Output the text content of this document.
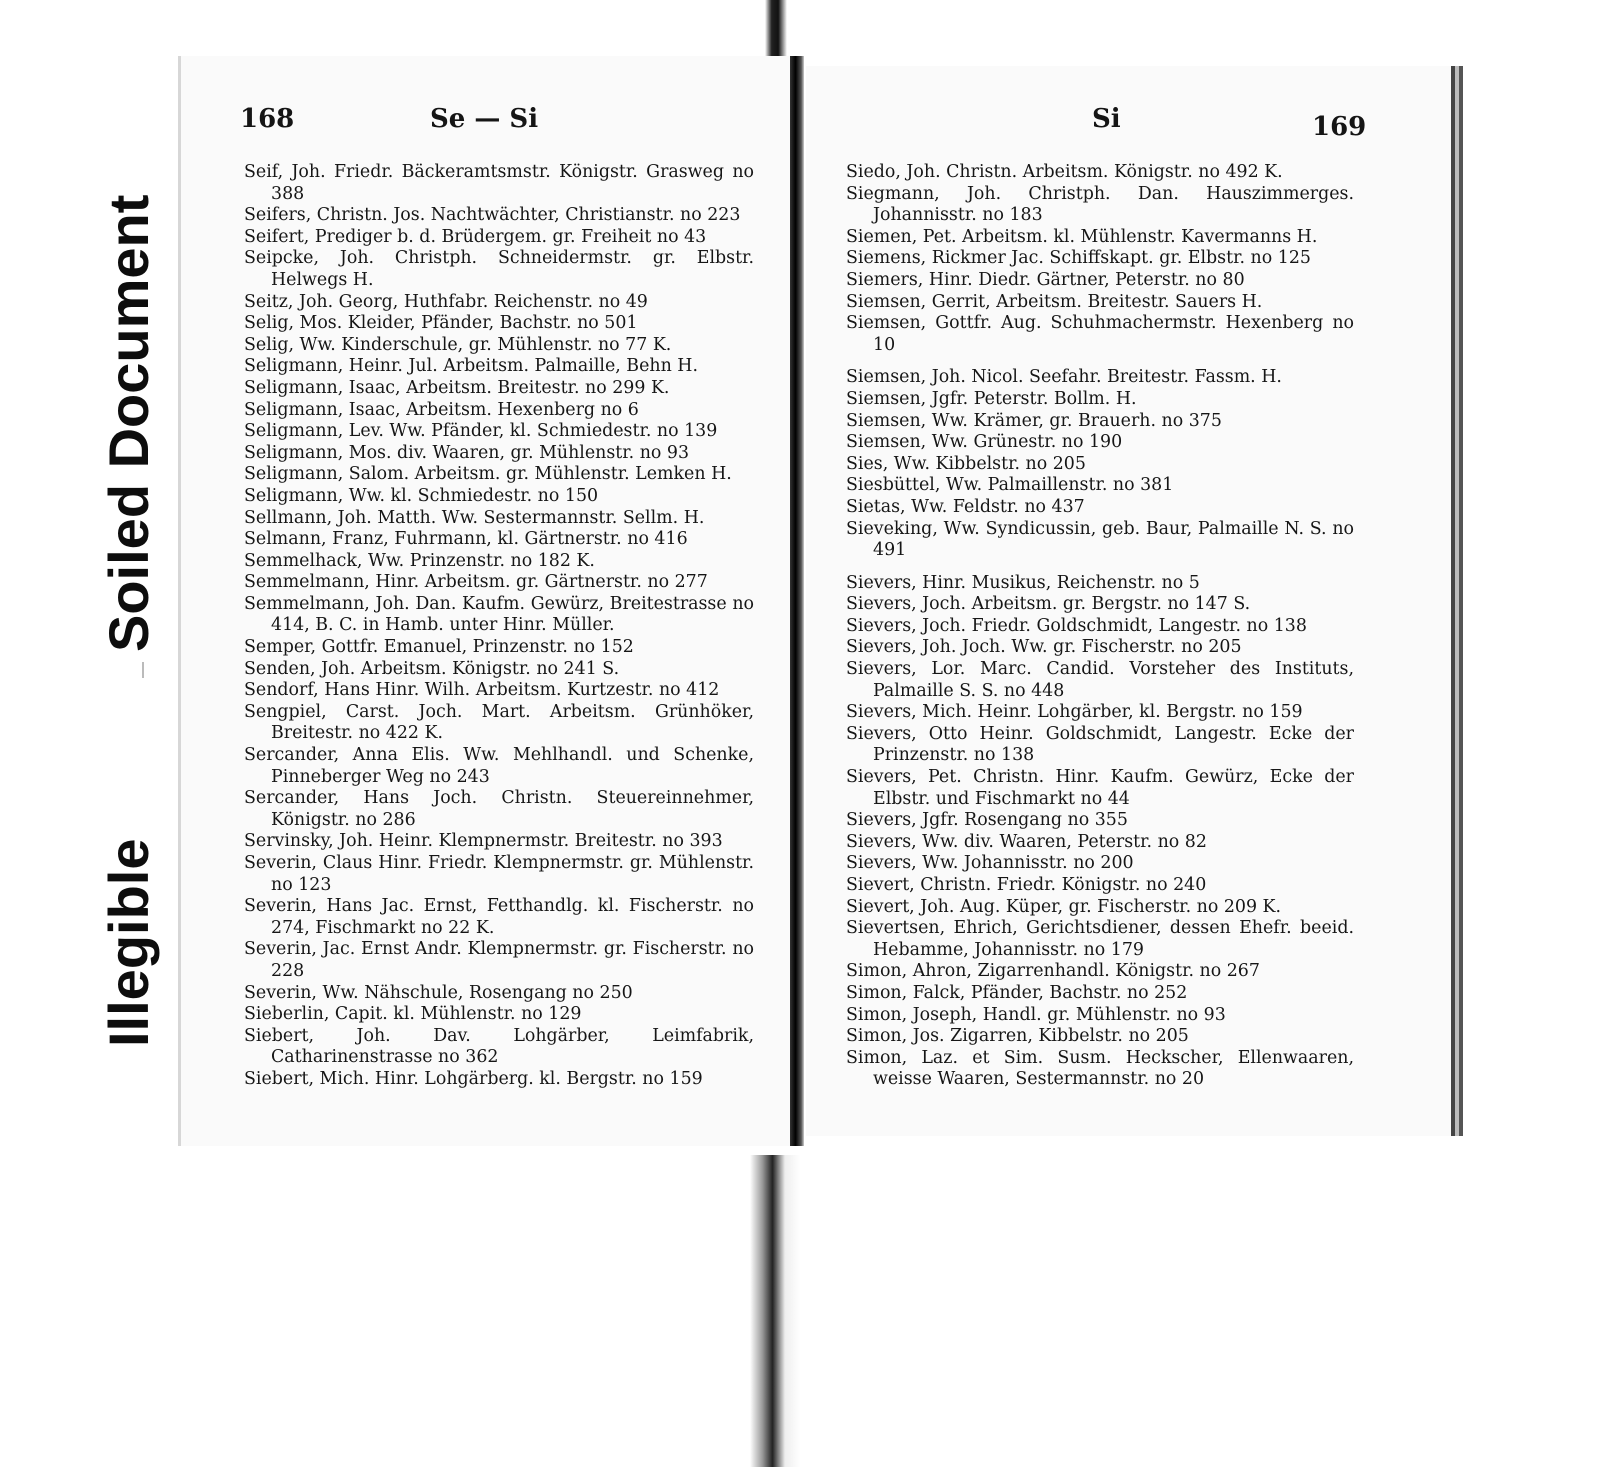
Soiled Document
Illegible
168	Se — Si	Si	169
Seif, Joh. Friedr. Bäckeramtsmstr. Königstr. Grasweg no 388
Seifers, Christn. Jos. Nachtwächter, Christianstr. no 223
Seifert, Prediger b. d. Brüdergem. gr. Freiheit no 43
Seipcke, Joh. Christph. Schneidermstr. gr. Elbstr. Helwegs H.
Seitz, Joh. Georg, Huthfabr. Reichenstr. no 49
Selig, Mos. Kleider, Pfänder, Bachstr. no 501
Selig, Ww. Kinderschule, gr. Mühlenstr. no 77 K.
Seligmann, Heinr. Jul. Arbeitsm. Palmaille, Behn H.
Seligmann, Isaac, Arbeitsm. Breitestr. no 299 K.
Seligmann, Isaac, Arbeitsm. Hexenberg no 6
Seligmann, Lev. Ww. Pfänder, kl. Schmiedestr. no 139
Seligmann, Mos. div. Waaren, gr. Mühlenstr. no 93
Seligmann, Salom. Arbeitsm. gr. Mühlenstr. Lemken H.
Seligmann, Ww. kl. Schmiedestr. no 150
Sellmann, Joh. Matth. Ww. Sestermannstr. Sellm. H.
Selmann, Franz, Fuhrmann, kl. Gärtnerstr. no 416
Semmelhack, Ww. Prinzenstr. no 182 K.
Semmelmann, Hinr. Arbeitsm. gr. Gärtnerstr. no 277
Semmelmann, Joh. Dan. Kaufm. Gewürz, Breitestrasse no 414, B. C. in Hamb. unter Hinr. Müller.
Semper, Gottfr. Emanuel, Prinzenstr. no 152
Senden, Joh. Arbeitsm. Königstr. no 241 S.
Sendorf, Hans Hinr. Wilh. Arbeitsm. Kurtzestr. no 412
Sengpiel, Carst. Joch. Mart. Arbeitsm. Grünhöker, Breitestr. no 422 K.
Sercander, Anna Elis. Ww. Mehlhandl. und Schenke, Pinneberger Weg no 243
Sercander, Hans Joch. Christn. Steuereinnehmer, Königstr. no 286
Servinsky, Joh. Heinr. Klempnermstr. Breitestr. no 393
Severin, Claus Hinr. Friedr. Klempnermstr. gr. Mühlenstr. no 123
Severin, Hans Jac. Ernst, Fetthandlg. kl. Fischerstr. no 274, Fischmarkt no 22 K.
Severin, Jac. Ernst Andr. Klempnermstr. gr. Fischerstr. no 228
Severin, Ww. Nähschule, Rosengang no 250
Sieberlin, Capit. kl. Mühlenstr. no 129
Siebert, Joh. Dav. Lohgärber, Leimfabrik, Catharinenstrasse no 362
Siebert, Mich. Hinr. Lohgärberg. kl. Bergstr. no 159
Siedo, Joh. Christn. Arbeitsm. Königstr. no 492 K.
Siegmann, Joh. Christph. Dan. Hauszimmerges. Johannisstr. no 183
Siemen, Pet. Arbeitsm. kl. Mühlenstr. Kavermanns H.
Siemens, Rickmer Jac. Schiffskapt. gr. Elbstr. no 125
Siemers, Hinr. Diedr. Gärtner, Peterstr. no 80
Siemsen, Gerrit, Arbeitsm. Breitestr. Sauers H.
Siemsen, Gottfr. Aug. Schuhmachermstr. Hexenberg no 10
Siemsen, Joh. Nicol. Seefahr. Breitestr. Fassm. H.
Siemsen, Jgfr. Peterstr. Bollm. H.
Siemsen, Ww. Krämer, gr. Brauerh. no 375
Siemsen, Ww. Grünestr. no 190
Sies, Ww. Kibbelstr. no 205
Siesbüttel, Ww. Palmaillenstr. no 381
Sietas, Ww. Feldstr. no 437
Sieveking, Ww. Syndicussin, geb. Baur, Palmaille N. S. no 491
Sievers, Hinr. Musikus, Reichenstr. no 5
Sievers, Joch. Arbeitsm. gr. Bergstr. no 147 S.
Sievers, Joch. Friedr. Goldschmidt, Langestr. no 138
Sievers, Joh. Joch. Ww. gr. Fischerstr. no 205
Sievers, Lor. Marc. Candid. Vorsteher des Instituts, Palmaille S. S. no 448
Sievers, Mich. Heinr. Lohgärber, kl. Bergstr. no 159
Sievers, Otto Heinr. Goldschmidt, Langestr. Ecke der Prinzenstr. no 138
Sievers, Pet. Christn. Hinr. Kaufm. Gewürz, Ecke der Elbstr. und Fischmarkt no 44
Sievers, Jgfr. Rosengang no 355
Sievers, Ww. div. Waaren, Peterstr. no 82
Sievers, Ww. Johannisstr. no 200
Sievert, Christn. Friedr. Königstr. no 240
Sievert, Joh. Aug. Küper, gr. Fischerstr. no 209 K.
Sievertsen, Ehrich, Gerichtsdiener, dessen Ehefr. beeid. Hebamme, Johannisstr. no 179
Simon, Ahron, Zigarrenhandl. Königstr. no 267
Simon, Falck, Pfänder, Bachstr. no 252
Simon, Joseph, Handl. gr. Mühlenstr. no 93
Simon, Jos. Zigarren, Kibbelstr. no 205
Simon, Laz. et Sim. Susm. Heckscher, Ellenwaaren, weisse Waaren, Sestermannstr. no 20
